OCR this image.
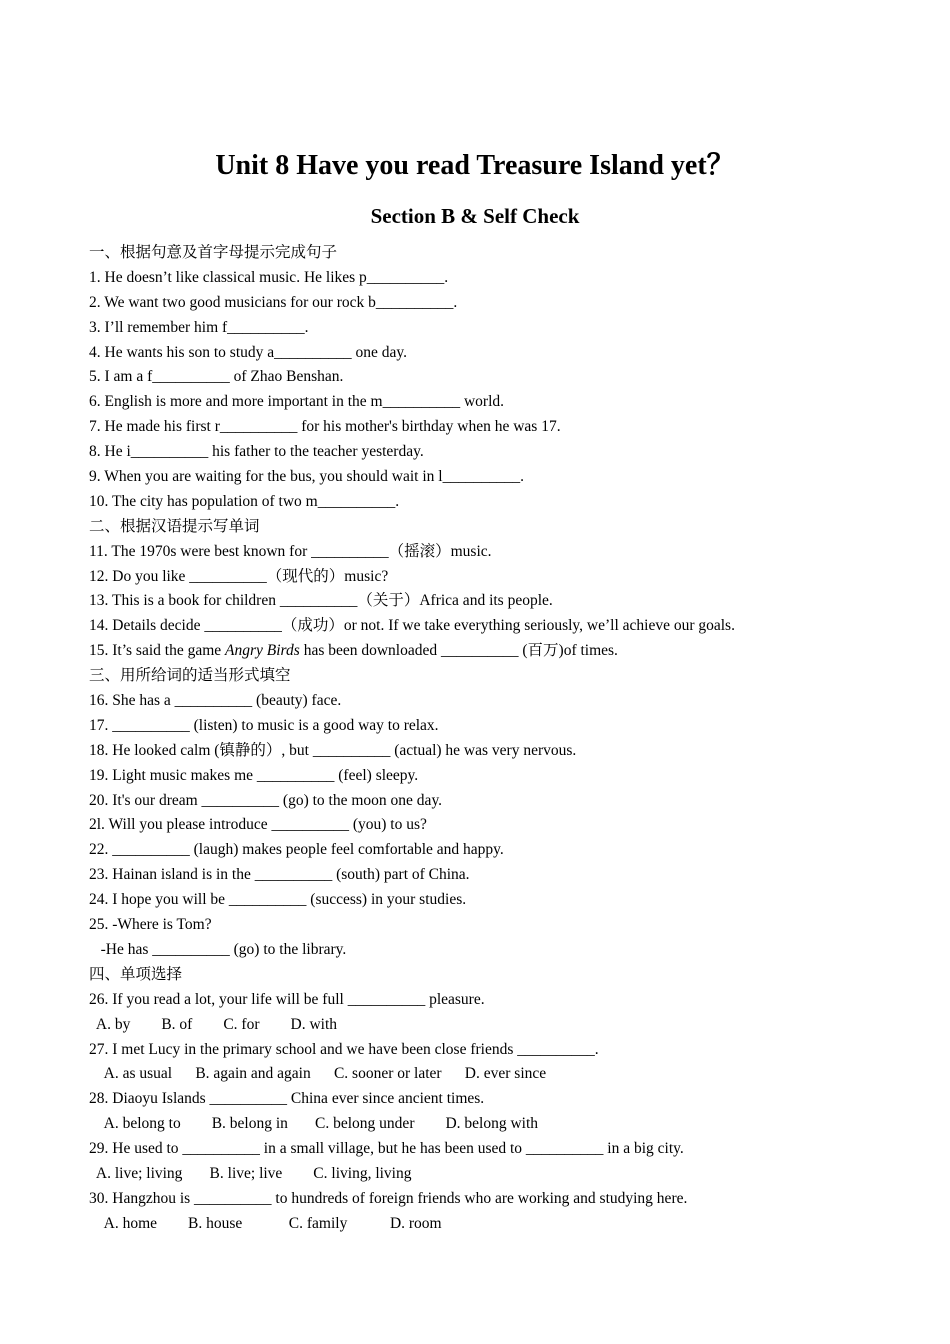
Unit 8 Have you read Treasure Island yet？
Section B & Self Check
一、根据句意及首字母提示完成句子
1. He doesn’t like classical music. He likes p__________.
2. We want two good musicians for our rock b__________.
3. I’ll remember him f__________.
4. He wants his son to study a__________ one day.
5. I am a f__________ of Zhao Benshan.
6. English is more and more important in the m__________ world.
7. He made his first r__________ for his mother's birthday when he was 17.
8. He i__________ his father to the teacher yesterday.
9. When you are waiting for the bus, you should wait in l__________.
10. The city has population of two m__________.
二、根据汉语提示写单词
11. The 1970s were best known for __________（摇滚）music.
12. Do you like __________（现代的）music?
13. This is a book for children __________（关于）Africa and its people.
14. Details decide __________（成功）or not. If we take everything seriously, we’ll achieve our goals.
15. It’s said the game Angry Birds has been downloaded __________ (百万)of times.
三、用所给词的适当形式填空
16. She has a __________ (beauty) face.
17. __________ (listen) to music is a good way to relax.
18. He looked calm (镇静的）, but __________ (actual) he was very nervous.
19. Light music makes me __________ (feel) sleepy.
20. It's our dream __________ (go) to the moon one day.
2l. Will you please introduce __________ (you) to us?
22. __________ (laugh) makes people feel comfortable and happy.
23. Hainan island is in the __________ (south) part of China.
24. I hope you will be __________ (success) in your studies.
25. -Where is Tom?
-He has __________ (go) to the library.
四、单项选择
26. If you read a lot, your life will be full __________ pleasure.
A. by        B. of        C. for        D. with
27. I met Lucy in the primary school and we have been close friends __________.
A. as usual      B. again and again      C. sooner or later      D. ever since
28. Diaoyu Islands __________ China ever since ancient times.
A. belong to        B. belong in       C. belong under        D. belong with
29. He used to __________ in a small village, but he has been used to __________ in a big city.
A. live; living       B. live; live        C. living, living
30. Hangzhou is __________ to hundreds of foreign friends who are working and studying here.
A. home        B. house            C. family           D. room
